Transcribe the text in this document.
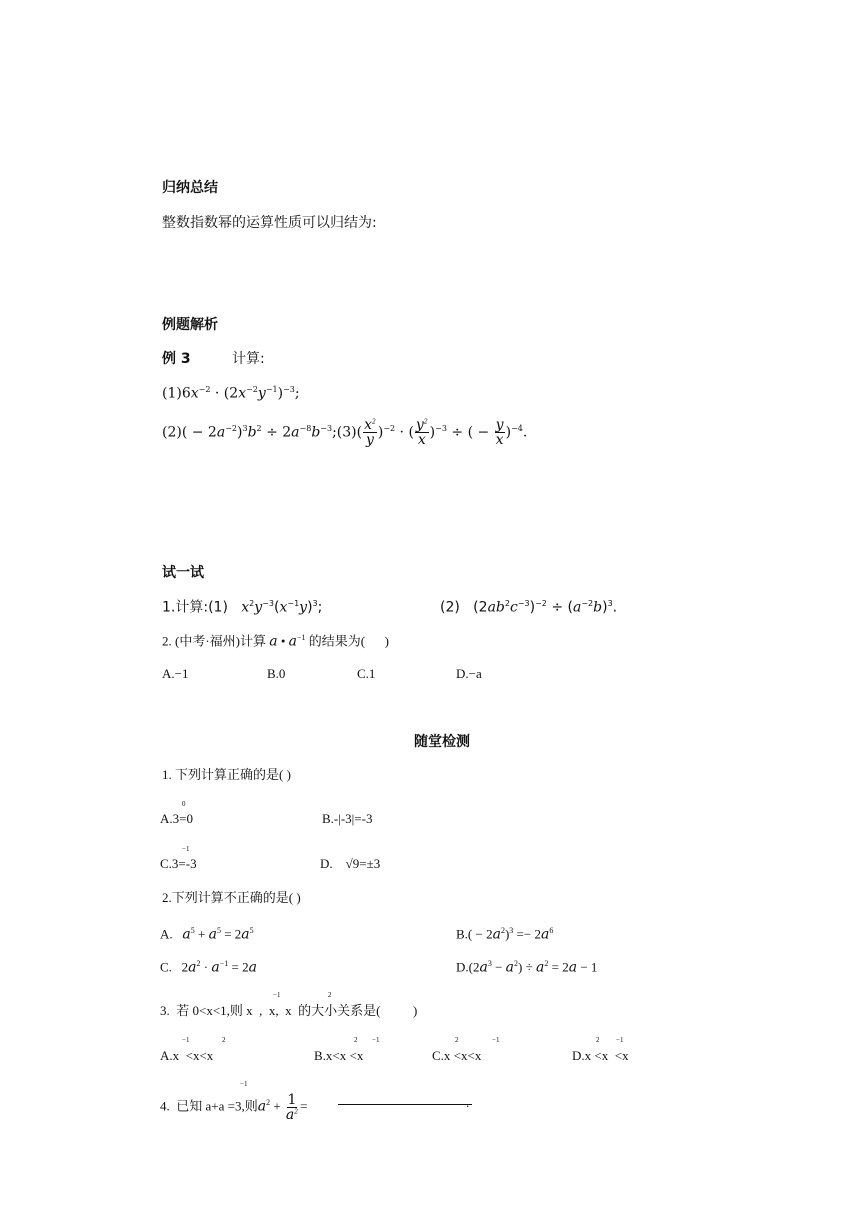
归纳总结
整数指数幂的运算性质可以归结为:
例题解析
例 3	计算:
$(1)6x^{-2} \cdot (2x^{-2}y^{-1})^{-3}$;
$(2)( - 2a^{-2})^3b^2$ ÷ $2a^{-8}b^{-3};(3)( \frac{x^2}{y} )^{-2}$ · ( $\frac{y^2}{x} )^{-3}$ ÷ ( − $\frac{y}{x} )^{-4}$.
试一试
1.计算:(1)   $x^2y^{-3}(x^{-1}y)^3$;	(2)   $(2ab^2c^{-3})^{-2} \div (a^{-2}b)^3$.
2. (中考·福州)计算 a • $a^{-1}$ 的结果为(      )
A.−1	B.0	C.1	D.−a
随堂检测
1. 下列计算正确的是( )
A.3
0
=0	B.-|-3|=-3
C.3
−1
=-3	D.    √9=±3
2.下列计算不正确的是( )
A.   $a^5 + a^5 = 2a^5$	$B.( - 2a^2)^3 =- 2a^6$
C.   $2a^2 \cdot a^{-1} = 2a$	$D.(2a^3 - a^2) \div a^2 = 2a - 1$
3.  若 0<x<1,则 x
−1
,  x,  x
2
的大小关系是(          )
A.x
−1
<x<x
2
B.x<x
2
<x
−1
C.x
2
<x<x
−1
D.x
2
<x
−1
<x
4.  已知 a+a
−1
=3,则$a^2 + \frac{1}{a^2}$ =	.
